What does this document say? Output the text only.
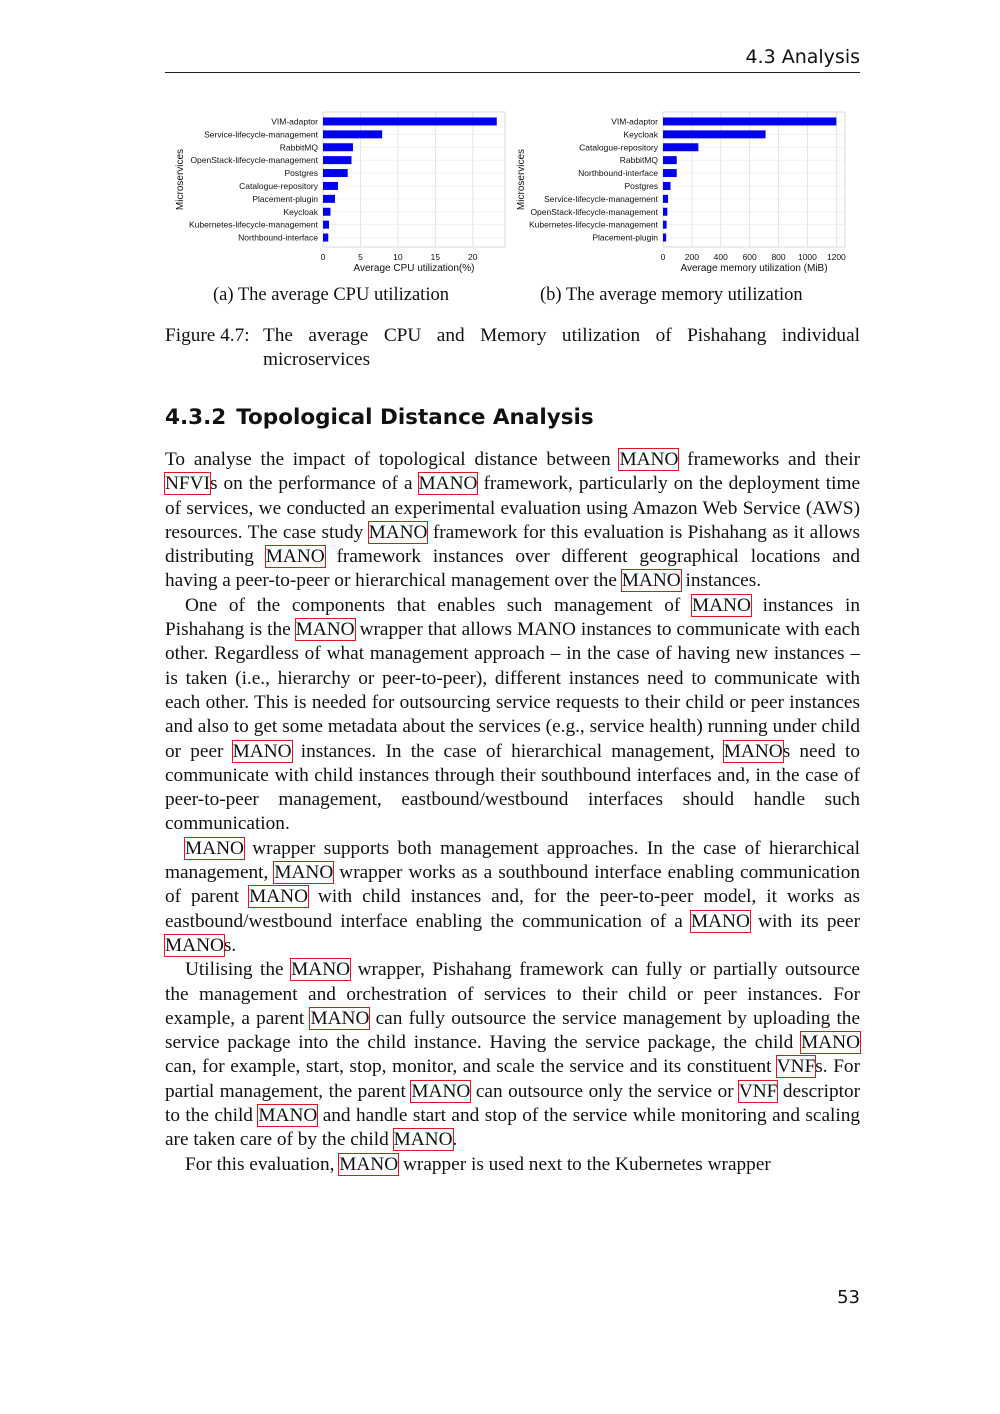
4.3 Analysis
0	5	10	15	20
VIM-adaptor
Service-lifecycle-management
RabbitMQ
OpenStack-lifecycle-management
Postgres
Catalogue-repository
Placement-plugin
Keycloak
Kubernetes-lifecycle-management
Northbound-interface
Average CPU utilization(%)
Microservices
0 200 400 600 800 1000 1200
VIM-adaptor
Keycloak
Catalogue-repository
RabbitMQ
Northbound-interface
Postgres
Service-lifecycle-management
OpenStack-lifecycle-management
Kubernetes-lifecycle-management
Placement-plugin
Average memory utilization (MiB)
Microservices
(a) The average CPU utilization	(b) The average memory utilization
Figure 4.7: The average CPU and Memory utilization of Pishahang individual microservices
4.3.2 Topological Distance Analysis

To analyse the impact of topological distance between MANO frameworks and their NFVIs on the performance of a MANO framework, particularly on the deployment time of services, we conducted an experimental evaluation using Amazon Web Service (AWS) resources. The case study MANO framework for this evaluation is Pishahang as it allows distributing MANO framework instances over different geographical locations and having a peer-to-peer or hierarchical management over the MANO instances.

One of the components that enables such management of MANO instances in Pishahang is the MANO wrapper that allows MANO instances to communicate with each other. Regardless of what management approach – in the case of having new instances – is taken (i.e., hierarchy or peer-to-peer), different instances need to communicate with each other. This is needed for outsourcing service requests to their child or peer instances and also to get some metadata about the services (e.g., service health) running under child or peer MANO instances. In the case of hierarchical management, MANOs need to communicate with child instances through their southbound interfaces and, in the case of peer-to-peer management, eastbound/westbound interfaces should handle such communication.

MANO wrapper supports both management approaches. In the case of hierarchical management, MANO wrapper works as a southbound interface enabling communication of parent MANO with child instances and, for the peer-to-peer model, it works as eastbound/westbound interface enabling the communication of a MANO with its peer MANOs.

Utilising the MANO wrapper, Pishahang framework can fully or partially outsource the management and orchestration of services to their child or peer instances. For example, a parent MANO can fully outsource the service management by uploading the service package into the child instance. Having the service package, the child MANO can, for example, start, stop, monitor, and scale the service and its constituent VNFs. For partial management, the parent MANO can outsource only the service or VNF descriptor to the child MANO and handle start and stop of the service while monitoring and scaling are taken care of by the child MANO.

For this evaluation, MANO wrapper is used next to the Kubernetes wrapper

53
